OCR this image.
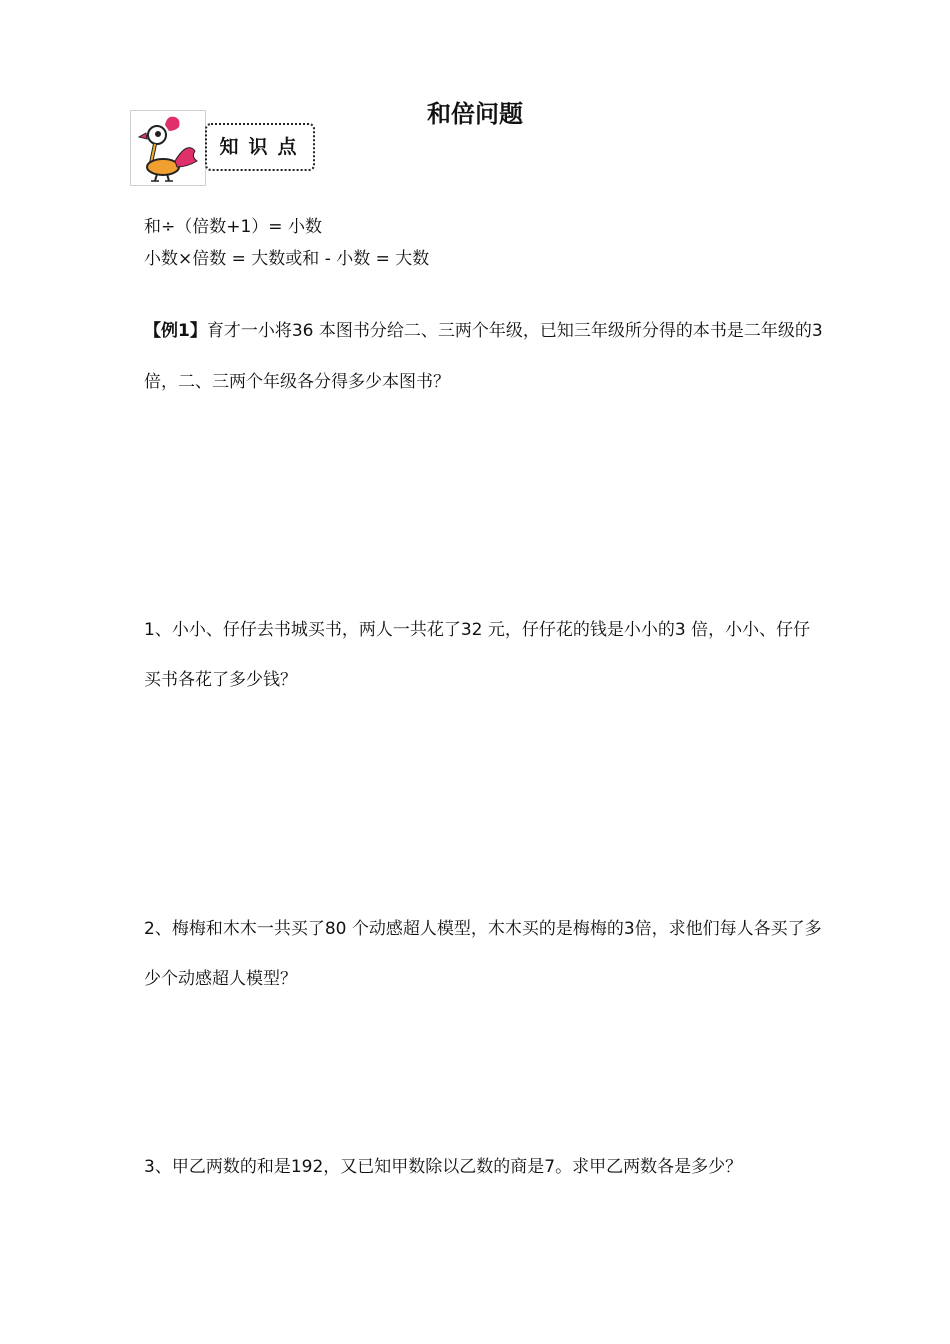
和倍问题
知识点
和÷（倍数+1）= 小数
小数×倍数 = 大数或和 - 小数 = 大数
【例1】育才一小将36 本图书分给二、三两个年级，已知三年级所分得的本书是二年级的3
倍，二、三两个年级各分得多少本图书？
1、小小、仔仔去书城买书，两人一共花了32 元，仔仔花的钱是小小的3 倍，小小、仔仔
买书各花了多少钱？
2、梅梅和木木一共买了80 个动感超人模型，木木买的是梅梅的3倍，求他们每人各买了多
少个动感超人模型？
3、甲乙两数的和是192，又已知甲数除以乙数的商是7。求甲乙两数各是多少？
